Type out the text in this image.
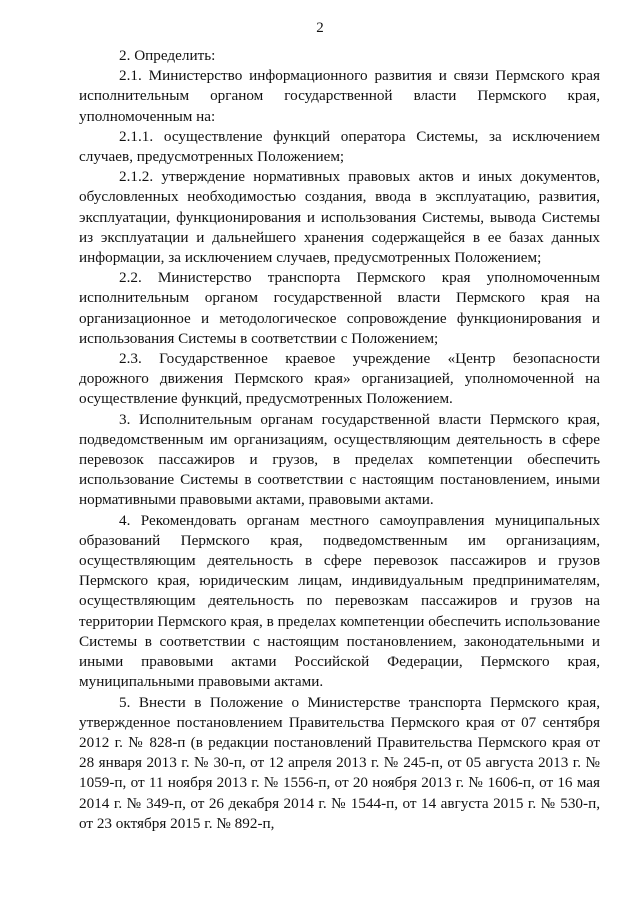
2

2. Определить:

2.1. Министерство информационного развития и связи Пермского края исполнительным органом государственной власти Пермского края, уполномоченным на:

2.1.1. осуществление функций оператора Системы, за исключением случаев, предусмотренных Положением;

2.1.2. утверждение нормативных правовых актов и иных документов, обусловленных необходимостью создания, ввода в эксплуатацию, развития, эксплуатации, функционирования и использования Системы, вывода Системы из эксплуатации и дальнейшего хранения содержащейся в ее базах данных информации, за исключением случаев, предусмотренных Положением;

2.2. Министерство транспорта Пермского края уполномоченным исполнительным органом государственной власти Пермского края на организационное и методологическое сопровождение функционирования и использования Системы в соответствии с Положением;

2.3. Государственное краевое учреждение «Центр безопасности дорожного движения Пермского края» организацией, уполномоченной на осуществление функций, предусмотренных Положением.

3. Исполнительным органам государственной власти Пермского края, подведомственным им организациям, осуществляющим деятельность в сфере перевозок пассажиров и грузов, в пределах компетенции обеспечить использование Системы в соответствии с настоящим постановлением, иными нормативными правовыми актами, правовыми актами.

4. Рекомендовать органам местного самоуправления муниципальных образований Пермского края, подведомственным им организациям, осуществляющим деятельность в сфере перевозок пассажиров и грузов Пермского края, юридическим лицам, индивидуальным предпринимателям, осуществляющим деятельность по перевозкам пассажиров и грузов на территории Пермского края, в пределах компетенции обеспечить использование Системы в соответствии с настоящим постановлением, законодательными и иными правовыми актами Российской Федерации, Пермского края, муниципальными правовыми актами.

5. Внести в Положение о Министерстве транспорта Пермского края, утвержденное постановлением Правительства Пермского края от 07 сентября 2012 г. № 828-п (в редакции постановлений Правительства Пермского края от 28 января 2013 г. № 30-п, от 12 апреля 2013 г. № 245-п, от 05 августа 2013 г. № 1059-п, от 11 ноября 2013 г. № 1556-п, от 20 ноября 2013 г. № 1606-п, от 16 мая 2014 г. № 349-п, от 26 декабря 2014 г. № 1544-п, от 14 августа 2015 г. № 530-п, от 23 октября 2015 г. № 892-п,
